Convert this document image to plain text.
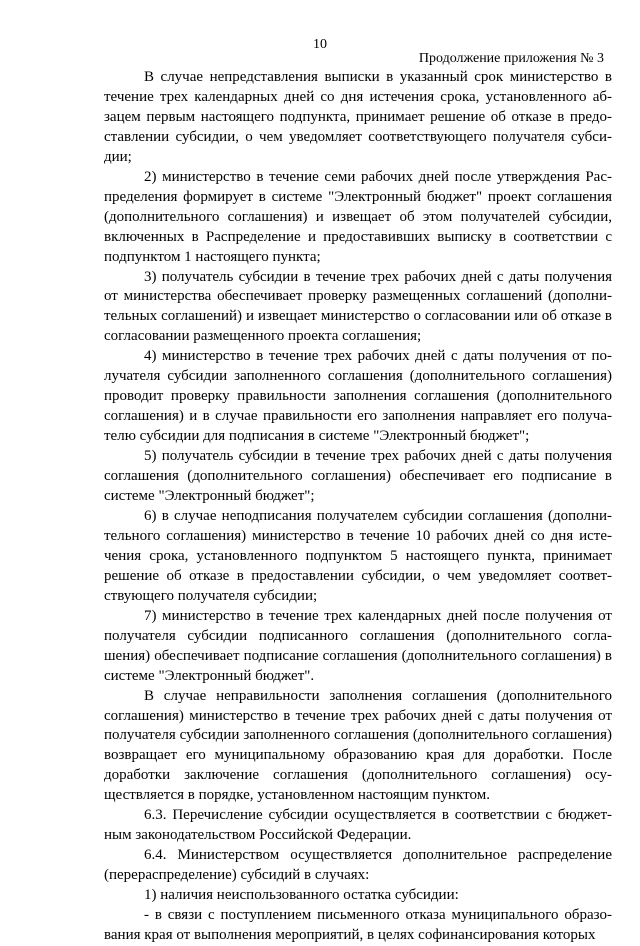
10
Продолжение приложения № 3

В случае непредставления выписки в указанный срок министерство в течение трех календарных дней со дня истечения срока, установленного абзацем первым настоящего подпункта, принимает решение об отказе в предоставлении субсидии, о чем уведомляет соответствующего получателя субсидии;

2) министерство в течение семи рабочих дней после утверждения Распределения формирует в системе "Электронный бюджет" проект соглашения (дополнительного соглашения) и извещает об этом получателей субсидии, включенных в Распределение и предоставивших выписку в соответствии с подпунктом 1 настоящего пункта;

3) получатель субсидии в течение трех рабочих дней с даты получения от министерства обеспечивает проверку размещенных соглашений (дополнительных соглашений) и извещает министерство о согласовании или об отказе в согласовании размещенного проекта соглашения;

4) министерство в течение трех рабочих дней с даты получения от получателя субсидии заполненного соглашения (дополнительного соглашения) проводит проверку правильности заполнения соглашения (дополнительного соглашения) и в случае правильности его заполнения направляет его получателю субсидии для подписания в системе "Электронный бюджет";

5) получатель субсидии в течение трех рабочих дней с даты получения соглашения (дополнительного соглашения) обеспечивает его подписание в системе "Электронный бюджет";

6) в случае неподписания получателем субсидии соглашения (дополнительного соглашения) министерство в течение 10 рабочих дней со дня истечения срока, установленного подпунктом 5 настоящего пункта, принимает решение об отказе в предоставлении субсидии, о чем уведомляет соответствующего получателя субсидии;

7) министерство в течение трех календарных дней после получения от получателя субсидии подписанного соглашения (дополнительного соглашения) обеспечивает подписание соглашения (дополнительного соглашения) в системе "Электронный бюджет".

В случае неправильности заполнения соглашения (дополнительного соглашения) министерство в течение трех рабочих дней с даты получения от получателя субсидии заполненного соглашения (дополнительного соглашения) возвращает его муниципальному образованию края для доработки. После доработки заключение соглашения (дополнительного соглашения) осуществляется в порядке, установленном настоящим пунктом.

6.3. Перечисление субсидии осуществляется в соответствии с бюджетным законодательством Российской Федерации.

6.4. Министерством осуществляется дополнительное распределение (перераспределение) субсидий в случаях:

1) наличия неиспользованного остатка субсидии:

- в связи с поступлением письменного отказа муниципального образования края от выполнения мероприятий, в целях софинансирования которых
